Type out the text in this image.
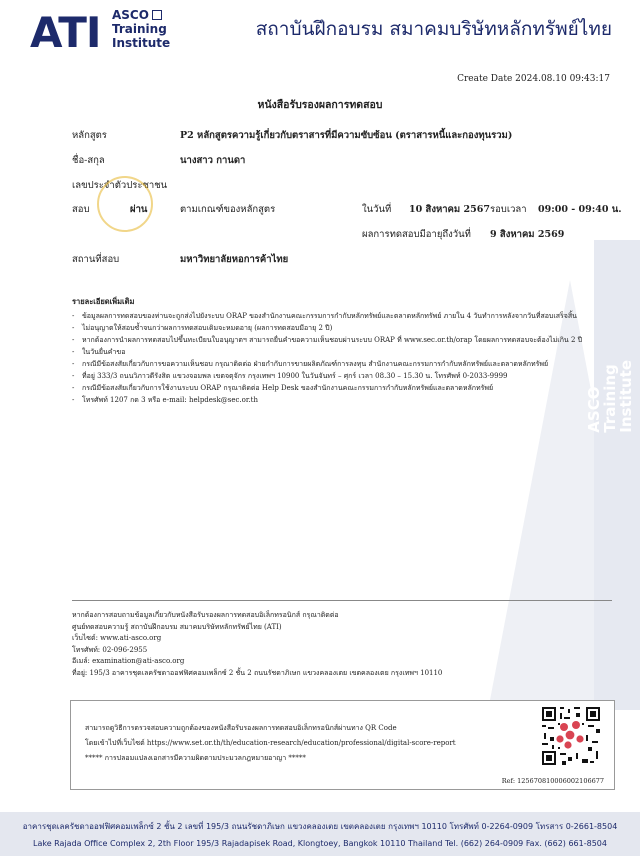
ASCO
Training
Institute
ATI ASCO
Training
Institute
สถาบันฝึกอบรม สมาคมบริษัทหลักทรัพย์ไทย
Create Date 2024.08.10 09:43:17
หนังสือรับรองผลการทดสอบ
หลักสูตร	P2 หลักสูตรความรู้เกี่ยวกับตราสารที่มีความซับซ้อน (ตราสารหนี้และกองทุนรวม)
ชื่อ-สกุล	นางสาว กานดา
เลขประจำตัวประชาชน
สอบ	ผ่าน	ตามเกณฑ์ของหลักสูตร	ในวันที่ 10 สิงหาคม 2567 รอบเวลา 09:00 - 09:40 น.
ผลการทดสอบมีอายุถึงวันที่ 9 สิงหาคม 2569
สถานที่สอบ	มหาวิทยาลัยหอการค้าไทย
รายละเอียดเพิ่มเติม
- ข้อมูลผลการทดสอบของท่านจะถูกส่งไปยังระบบ ORAP ของสำนักงานคณะกรรมการกำกับหลักทรัพย์และตลาดหลักทรัพย์ ภายใน 4 วันทำการหลังจากวันที่สอบเสร็จสิ้น
- ไม่อนุญาตให้สอบซ้ำจนกว่าผลการทดสอบเดิมจะหมดอายุ (ผลการทดสอบมีอายุ 2 ปี)
- หากต้องการนำผลการทดสอบไปขึ้นทะเบียนใบอนุญาตฯ สามารถยื่นคำขอความเห็นชอบผ่านระบบ ORAP ที่ www.sec.or.th/orap โดยผลการทดสอบจะต้องไม่เกิน 2 ปี
- ในวันยื่นคำขอ
- กรณีมีข้อสงสัยเกี่ยวกับการขอความเห็นชอบ กรุณาติดต่อ ฝ่ายกำกับการขายผลิตภัณฑ์การลงทุน สำนักงานคณะกรรมการกำกับหลักทรัพย์และตลาดหลักทรัพย์
- ที่อยู่ 333/3 ถนนวิภาวดีรังสิต แขวงจอมพล เขตจตุจักร กรุงเทพฯ 10900 ในวันจันทร์ – ศุกร์ เวลา 08.30 – 15.30 น. โทรศัพท์ 0-2033-9999
- กรณีมีข้อสงสัยเกี่ยวกับการใช้งานระบบ ORAP กรุณาติดต่อ Help Desk ของสำนักงานคณะกรรมการกำกับหลักทรัพย์และตลาดหลักทรัพย์
- โทรศัพท์ 1207 กด 3 หรือ e-mail: helpdesk@sec.or.th
หากต้องการสอบถามข้อมูลเกี่ยวกับหนังสือรับรองผลการทดสอบอิเล็กทรอนิกส์ กรุณาติดต่อ
ศูนย์ทดสอบความรู้ สถาบันฝึกอบรม สมาคมบริษัทหลักทรัพย์ไทย (ATI)
เว็บไซต์: www.ati-asco.org
โทรศัพท์: 02-096-2955
อีเมล์: examination@ati-asco.org
ที่อยู่: 195/3 อาคารชุดเลครัชดาออฟฟิศคอมเพล็กซ์ 2 ชั้น 2 ถนนรัชดาภิเษก แขวงคลองเตย เขตคลองเตย กรุงเทพฯ 10110
สามารถดูวิธีการตรวจสอบความถูกต้องของหนังสือรับรองผลการทดสอบอิเล็กทรอนิกส์ผ่านทาง QR Code
โดยเข้าไปที่เว็บไซต์ https://www.set.or.th/th/education-research/education/professional/digital-score-report
***** การปลอมแปลงเอกสารมีความผิดตามประมวลกฎหมายอาญา *****
Ref: 125670810006002106677
อาคารชุดเลครัชดาออฟฟิศคอมเพล็กซ์ 2 ชั้น 2 เลขที่ 195/3 ถนนรัชดาภิเษก แขวงคลองเตย เขตคลองเตย กรุงเทพฯ 10110 โทรศัพท์ 0-2264-0909 โทรสาร 0-2661-8504
Lake Rajada Office Complex 2, 2th Floor 195/3 Rajadapisek Road, Klongtoey, Bangkok 10110 Thailand Tel. (662) 264-0909 Fax. (662) 661-8504
